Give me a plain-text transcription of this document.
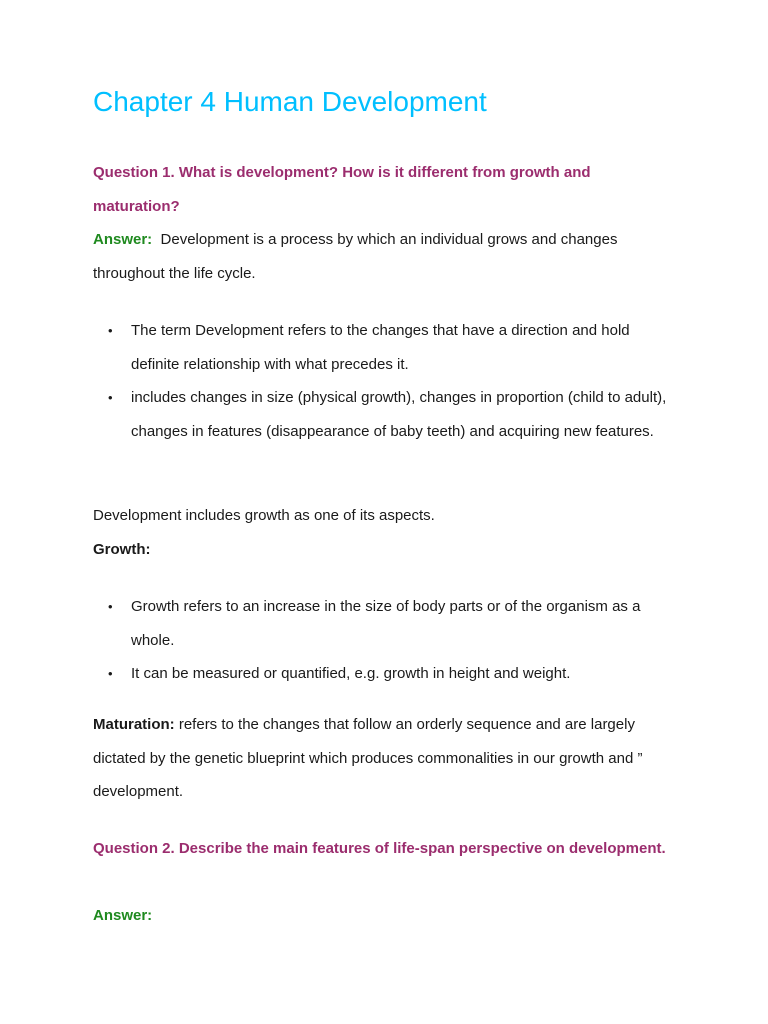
Chapter 4 Human Development

Question 1. What is development? How is it different from growth and maturation?

Answer: Development is a process by which an individual grows and changes throughout the life cycle.

• The term Development refers to the changes that have a direction and hold definite relationship with what precedes it.
• includes changes in size (physical growth), changes in proportion (child to adult), changes in features (disappearance of baby teeth) and acquiring new features.

Development includes growth as one of its aspects.

Growth:

• Growth refers to an increase in the size of body parts or of the organism as a whole.
• It can be measured or quantified, e.g. growth in height and weight.

Maturation: refers to the changes that follow an orderly sequence and are largely dictated by the genetic blueprint which produces commonalities in our growth and ” development.

Question 2. Describe the main features of life-span perspective on development.

Answer:
